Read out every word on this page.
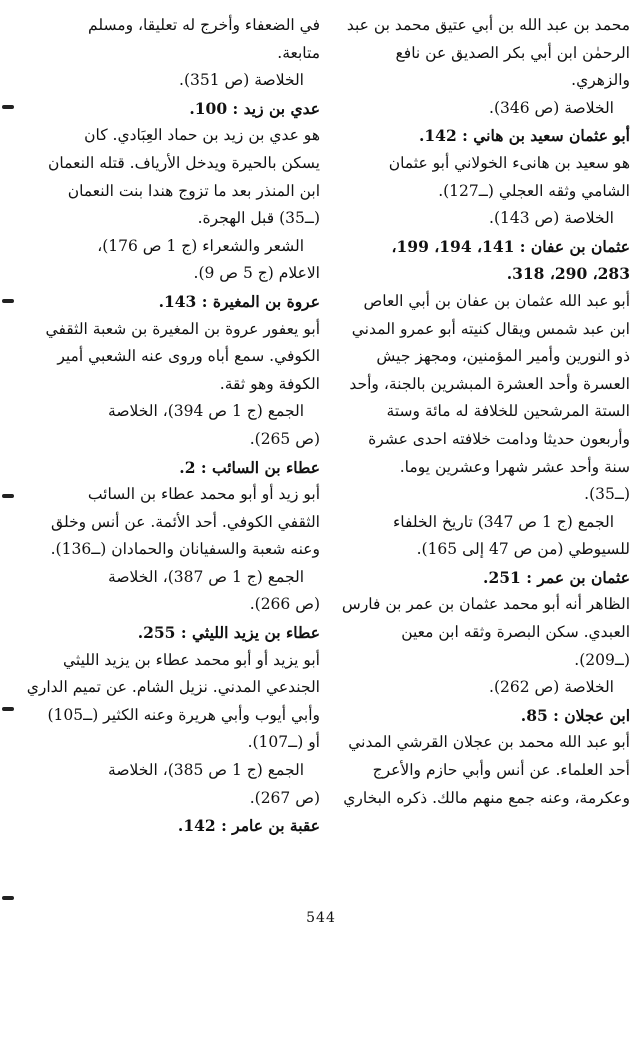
محمد بن عبد الله بن أبي عتيق محمد بن عبد
الرحمٰن ابن أبي بكر الصديق عن نافع
والزهري.
الخلاصة (ص 346).
أبو عثمان سعيد بن هاني : 142.
هو سعيد بن هانىء الخولاني أبو عثمان
الشامي وثقه العجلي (ــ127).
الخلاصة (ص 143).
عثمان بن عفان : 141، 194، 199،
283، 290، 318.
أبو عبد الله عثمان بن عفان بن أبي العاص
ابن عبد شمس ويقال كنيته أبو عمرو المدني
ذو النورين وأمير المؤمنين، ومجهز جيش
العسرة وأحد العشرة المبشرين بالجنة، وأحد
الستة المرشحين للخلافة له مائة وستة
وأربعون حديثا ودامت خلافته احدى عشرة
سنة وأحد عشر شهرا وعشرين يوما.
(ــ35).
الجمع (ج 1 ص 347) تاريخ الخلفاء
للسيوطي (من ص 47 إلى 165).
عثمان بن عمر : 251.
الظاهر أنه أبو محمد عثمان بن عمر بن فارس
العبدي. سكن البصرة وثقه ابن معين
(ــ209).
الخلاصة (ص 262).
ابن عجلان : 85.
أبو عبد الله محمد بن عجلان القرشي المدني
أحد العلماء. عن أنس وأبي حازم والأعرج
وعكرمة، وعنه جمع منهم مالك. ذكره البخاري
في الضعفاء وأخرج له تعليقا، ومسلم
متابعة.
الخلاصة (ص 351).
عدي بن زيد : 100.
هو عدي بن زيد بن حماد العِبَادي. كان
يسكن بالحيرة ويدخل الأرياف. قتله النعمان
ابن المنذر بعد ما تزوج هندا بنت النعمان
(ــ35) قبل الهجرة.
الشعر والشعراء (ج 1 ص 176)،
الاعلام (ج 5 ص 9).
عروة بن المغيرة : 143.
أبو يعفور عروة بن المغيرة بن شعبة الثقفي
الكوفي. سمع أباه وروى عنه الشعبي أمير
الكوفة وهو ثقة.
الجمع (ج 1 ص 394)، الخلاصة
(ص 265).
عطاء بن السائب : 2.
أبو زيد أو أبو محمد عطاء بن السائب
الثقفي الكوفي. أحد الأئمة. عن أنس وخلق
وعنه شعبة والسفيانان والحمادان (ــ136).
الجمع (ج 1 ص 387)، الخلاصة
(ص 266).
عطاء بن يزيد الليثي : 255.
أبو يزيد أو أبو محمد عطاء بن يزيد الليثي
الجندعي المدني. نزيل الشام. عن تميم الداري
وأبي أيوب وأبي هريرة وعنه الكثير (ــ105)
أو (ــ107).
الجمع (ج 1 ص 385)، الخلاصة
(ص 267).
عقبة بن عامر : 142.
544
